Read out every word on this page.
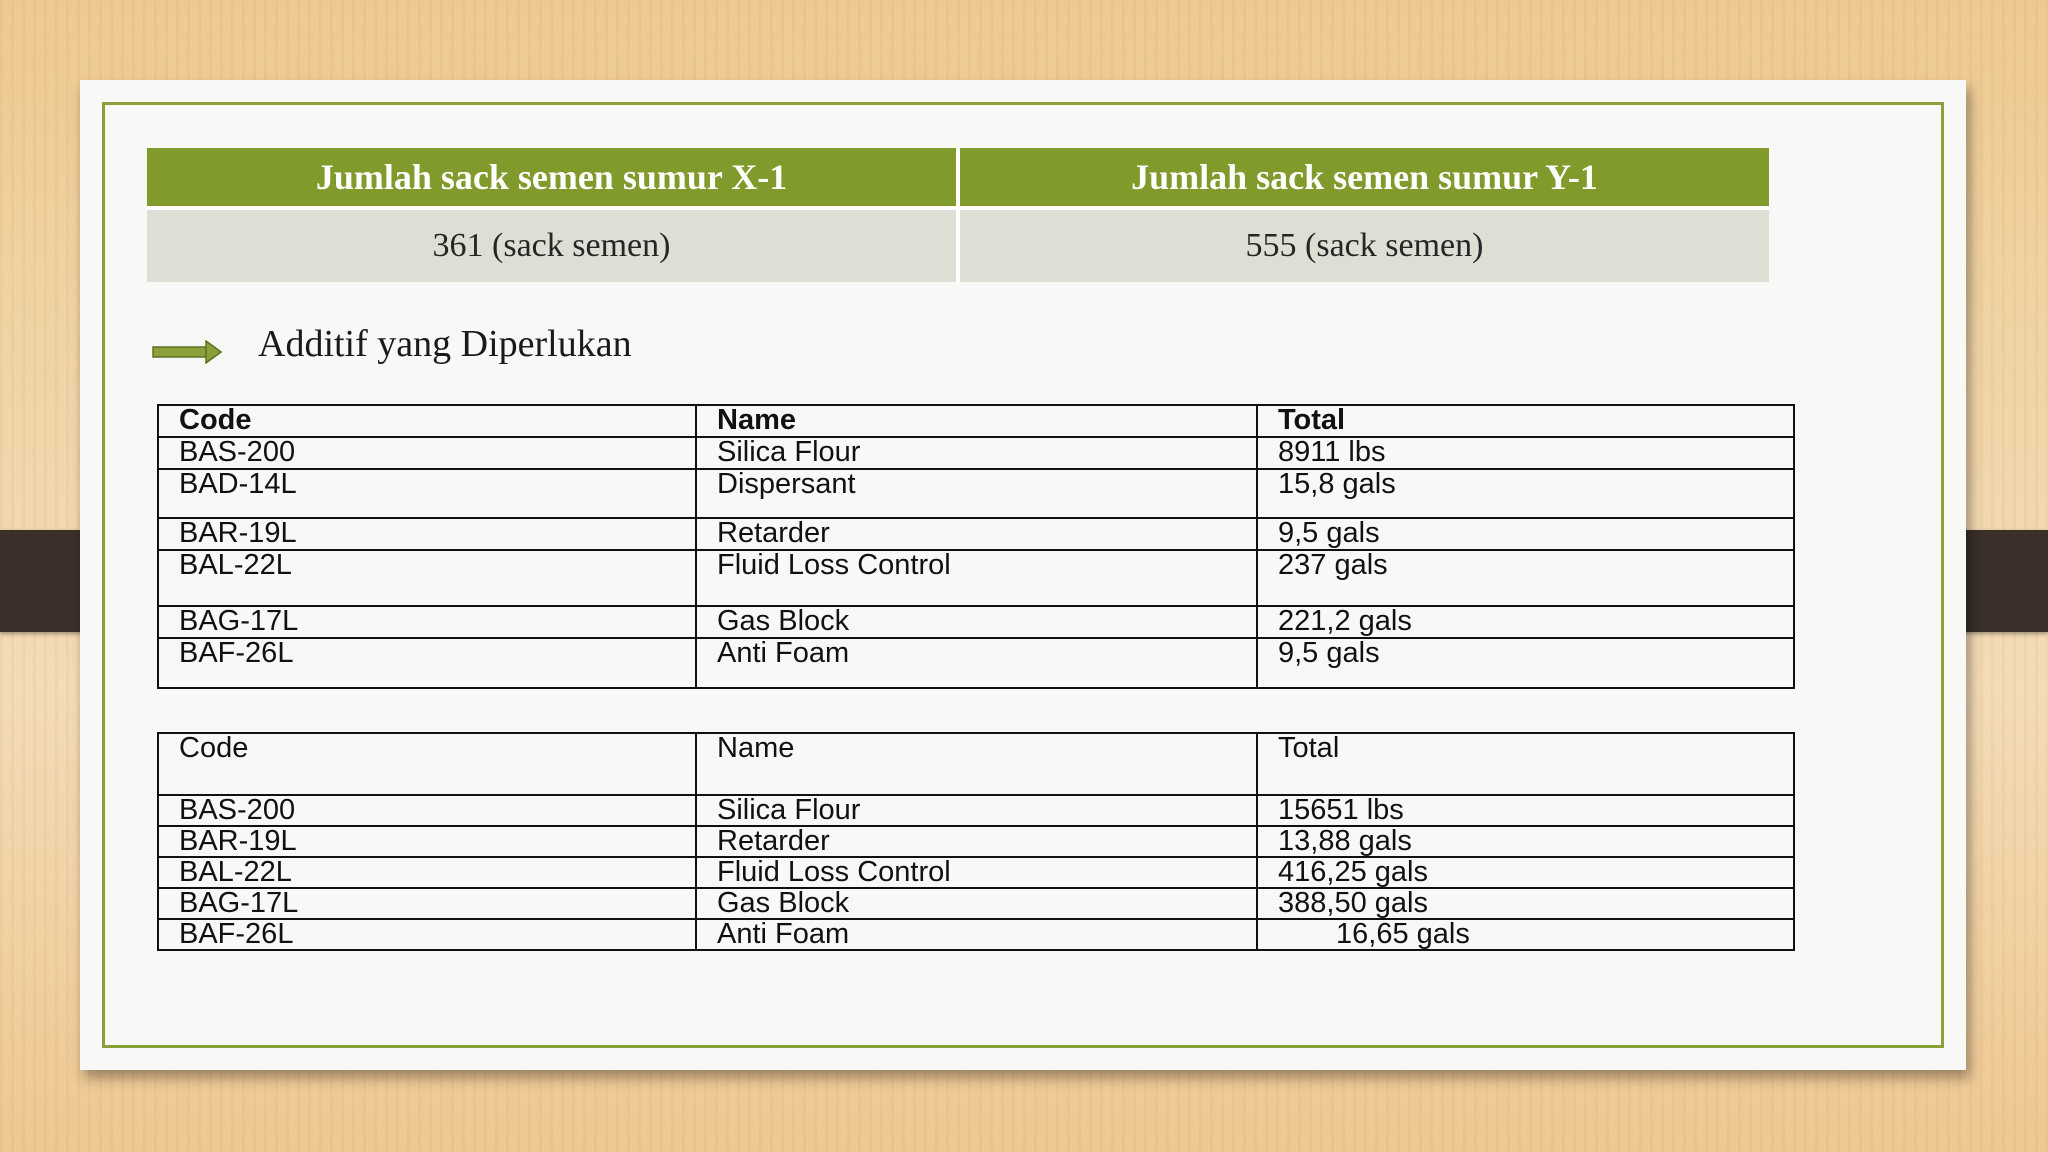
Jumlah sack semen sumur X-1	Jumlah sack semen sumur Y-1
361 (sack semen)	555 (sack semen)
Additif yang Diperlukan
Code	Name	Total
BAS-200	Silica Flour	8911 lbs
BAD-14L	Dispersant	15,8 gals
BAR-19L	Retarder	9,5 gals
BAL-22L	Fluid Loss Control	237 gals
BAG-17L	Gas Block	221,2 gals
BAF-26L	Anti Foam	9,5 gals
Code	Name	Total
BAS-200	Silica Flour	15651 lbs
BAR-19L	Retarder	13,88 gals
BAL-22L	Fluid Loss Control	416,25 gals
BAG-17L	Gas Block	388,50 gals
BAF-26L	Anti Foam	16,65 gals
